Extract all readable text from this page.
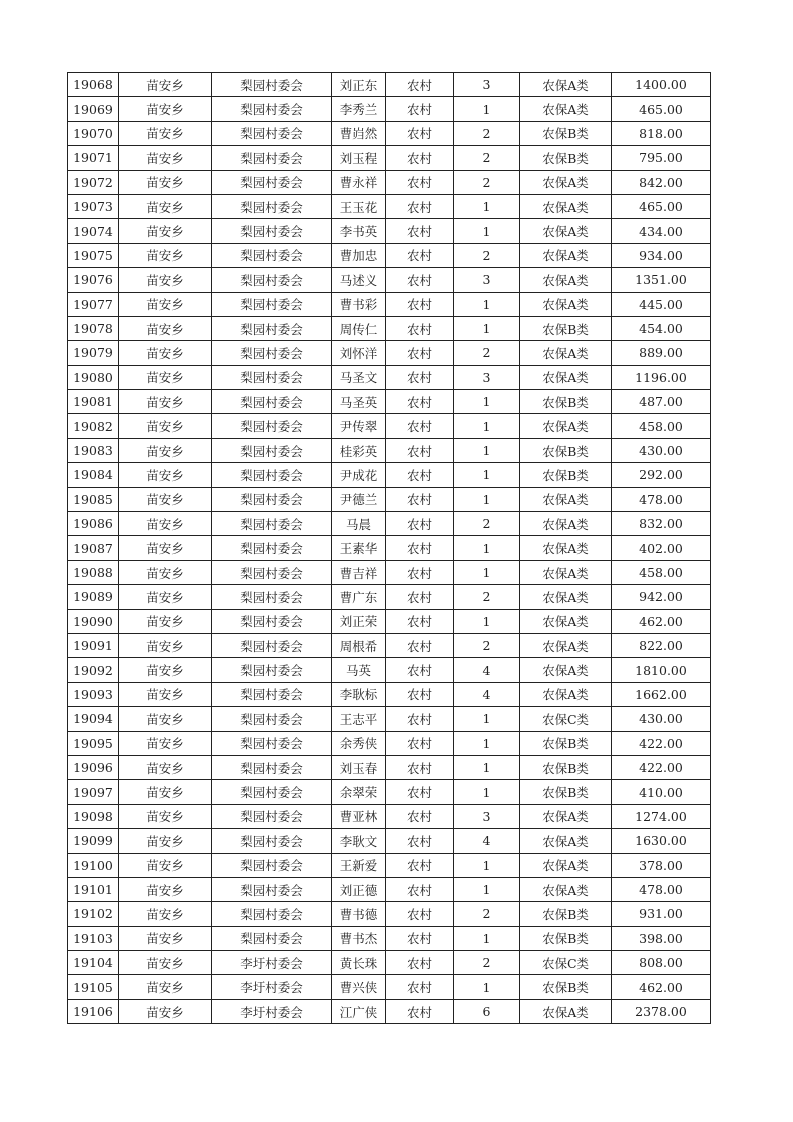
19068	苗安乡	梨园村委会	刘正东	农村	3	农保A类	1400.00
19069	苗安乡	梨园村委会	李秀兰	农村	1	农保A类	465.00
19070	苗安乡	梨园村委会	曹岿然	农村	2	农保B类	818.00
19071	苗安乡	梨园村委会	刘玉程	农村	2	农保B类	795.00
19072	苗安乡	梨园村委会	曹永祥	农村	2	农保A类	842.00
19073	苗安乡	梨园村委会	王玉花	农村	1	农保A类	465.00
19074	苗安乡	梨园村委会	李书英	农村	1	农保A类	434.00
19075	苗安乡	梨园村委会	曹加忠	农村	2	农保A类	934.00
19076	苗安乡	梨园村委会	马述义	农村	3	农保A类	1351.00
19077	苗安乡	梨园村委会	曹书彩	农村	1	农保A类	445.00
19078	苗安乡	梨园村委会	周传仁	农村	1	农保B类	454.00
19079	苗安乡	梨园村委会	刘怀洋	农村	2	农保A类	889.00
19080	苗安乡	梨园村委会	马圣文	农村	3	农保A类	1196.00
19081	苗安乡	梨园村委会	马圣英	农村	1	农保B类	487.00
19082	苗安乡	梨园村委会	尹传翠	农村	1	农保A类	458.00
19083	苗安乡	梨园村委会	桂彩英	农村	1	农保B类	430.00
19084	苗安乡	梨园村委会	尹成花	农村	1	农保B类	292.00
19085	苗安乡	梨园村委会	尹德兰	农村	1	农保A类	478.00
19086	苗安乡	梨园村委会	马晨	农村	2	农保A类	832.00
19087	苗安乡	梨园村委会	王素华	农村	1	农保A类	402.00
19088	苗安乡	梨园村委会	曹吉祥	农村	1	农保A类	458.00
19089	苗安乡	梨园村委会	曹广东	农村	2	农保A类	942.00
19090	苗安乡	梨园村委会	刘正荣	农村	1	农保A类	462.00
19091	苗安乡	梨园村委会	周根希	农村	2	农保A类	822.00
19092	苗安乡	梨园村委会	马英	农村	4	农保A类	1810.00
19093	苗安乡	梨园村委会	李耿标	农村	4	农保A类	1662.00
19094	苗安乡	梨园村委会	王志平	农村	1	农保C类	430.00
19095	苗安乡	梨园村委会	余秀侠	农村	1	农保B类	422.00
19096	苗安乡	梨园村委会	刘玉春	农村	1	农保B类	422.00
19097	苗安乡	梨园村委会	余翠荣	农村	1	农保B类	410.00
19098	苗安乡	梨园村委会	曹亚林	农村	3	农保A类	1274.00
19099	苗安乡	梨园村委会	李耿文	农村	4	农保A类	1630.00
19100	苗安乡	梨园村委会	王新爱	农村	1	农保A类	378.00
19101	苗安乡	梨园村委会	刘正德	农村	1	农保A类	478.00
19102	苗安乡	梨园村委会	曹书德	农村	2	农保B类	931.00
19103	苗安乡	梨园村委会	曹书杰	农村	1	农保B类	398.00
19104	苗安乡	李圩村委会	黄长珠	农村	2	农保C类	808.00
19105	苗安乡	李圩村委会	曹兴侠	农村	1	农保B类	462.00
19106	苗安乡	李圩村委会	江广侠	农村	6	农保A类	2378.00
